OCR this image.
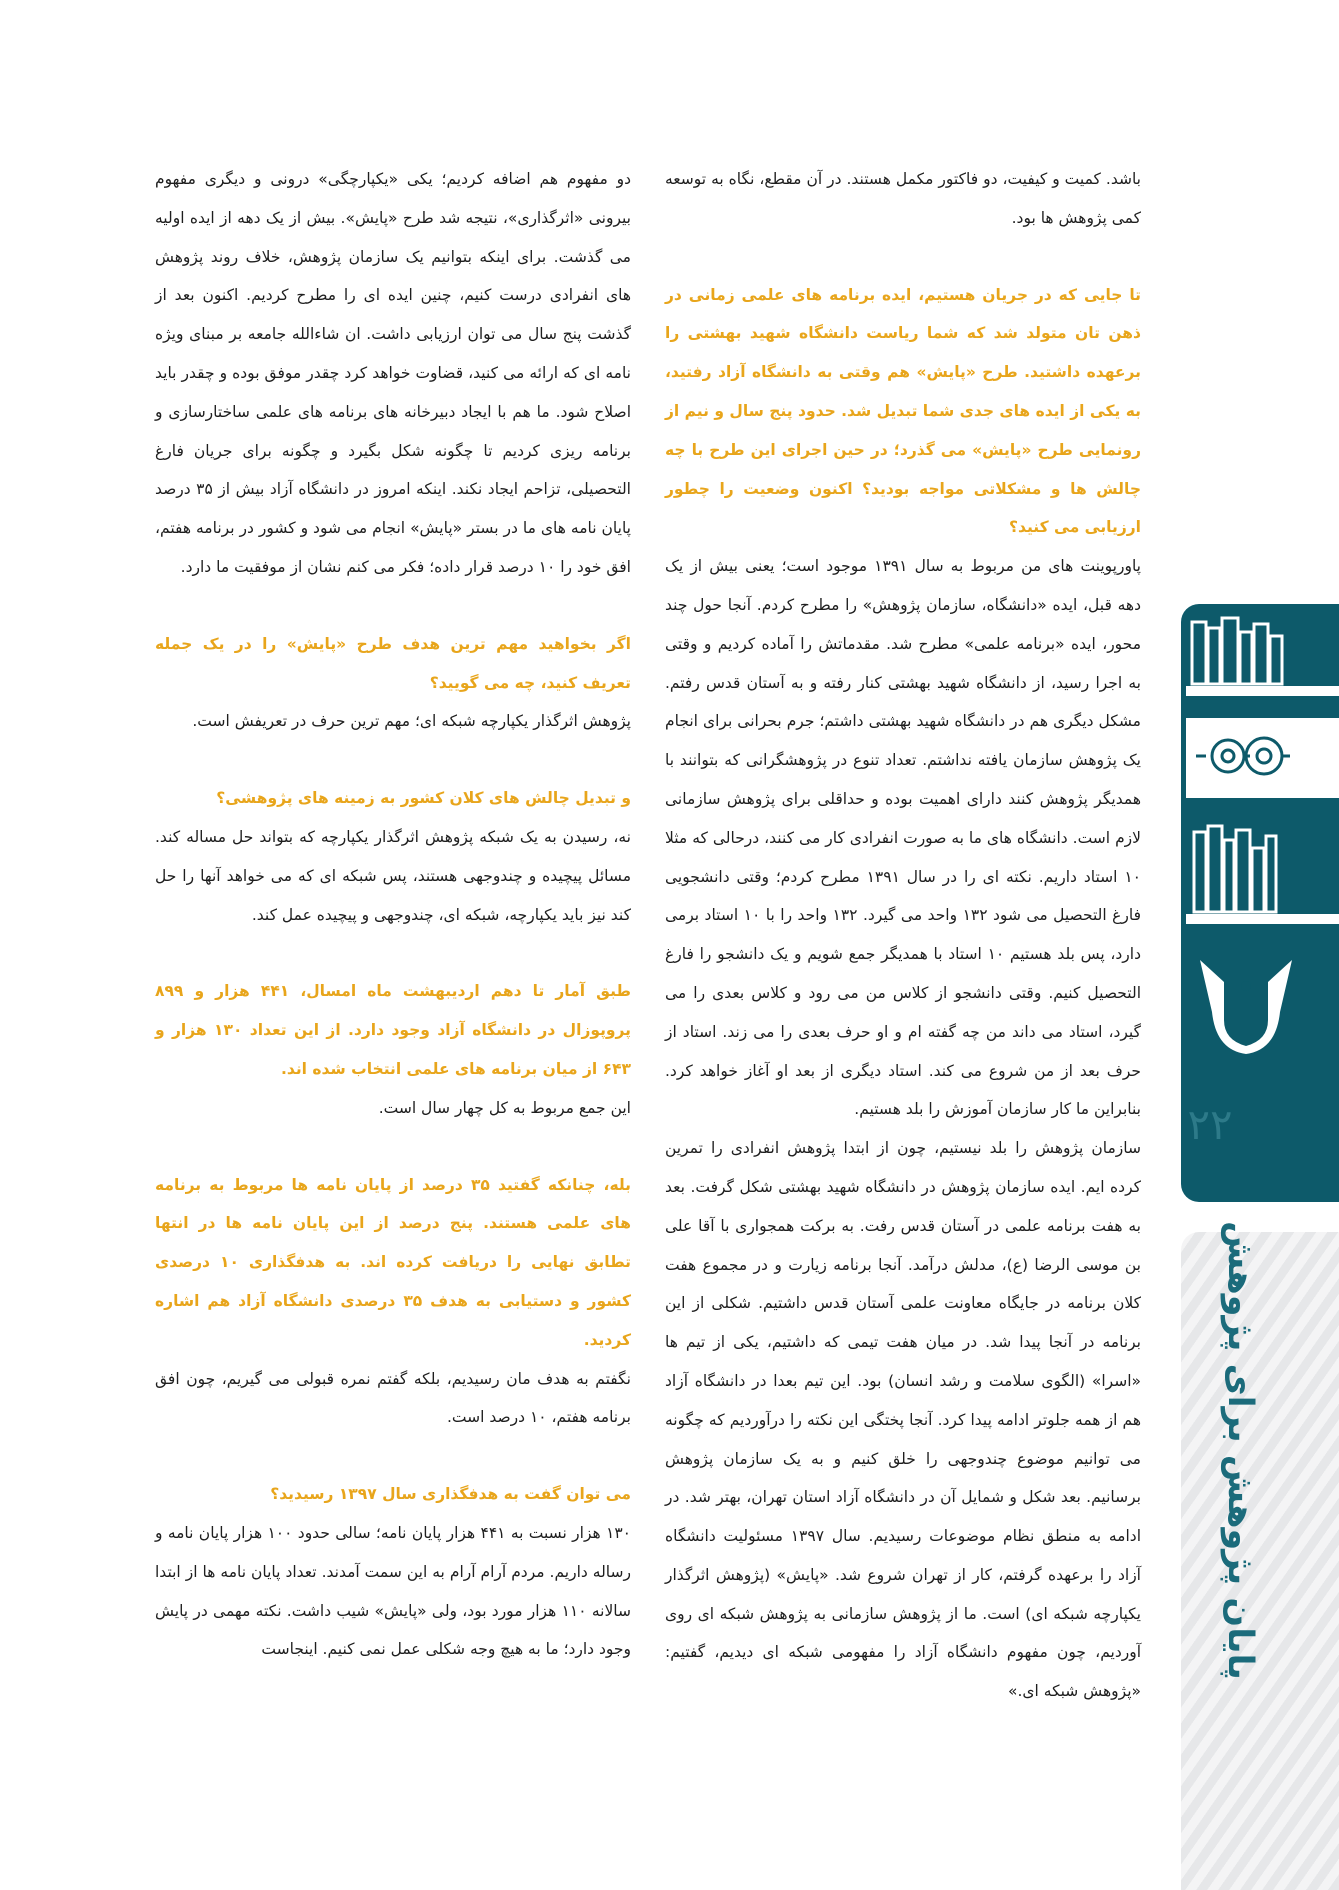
باشد. کمیت و کیفیت، دو فاکتور مکمل هستند. در آن مقطع، نگاه به توسعه کمی پژوهش ها بود.

تا جایی که در جریان هستیم، ایده برنامه های علمی زمانی در ذهن تان متولد شد که شما ریاست دانشگاه شهید بهشتی را برعهده داشتید. طرح «پایش» هم وقتی به دانشگاه آزاد رفتید، به یکی از ایده های جدی شما تبدیل شد. حدود پنج سال و نیم از رونمایی طرح «پایش» می گذرد؛ در حین اجرای این طرح با چه چالش ها و مشکلاتی مواجه بودید؟ اکنون وضعیت را چطور ارزیابی می کنید؟

پاورپوینت های من مربوط به سال ۱۳۹۱ موجود است؛ یعنی بیش از یک دهه قبل، ایده «دانشگاه، سازمان پژوهش» را مطرح کردم. آنجا حول چند محور، ایده «برنامه علمی» مطرح شد. مقدماتش را آماده کردیم و وقتی به اجرا رسید، از دانشگاه شهید بهشتی کنار رفته و به آستان قدس رفتم. مشکل دیگری هم در دانشگاه شهید بهشتی داشتم؛ جرم بحرانی برای انجام یک پژوهش سازمان یافته نداشتم. تعداد تنوع در پژوهشگرانی که بتوانند با همدیگر پژوهش کنند دارای اهمیت بوده و حداقلی برای پژوهش سازمانی لازم است. دانشگاه های ما به صورت انفرادی کار می کنند، درحالی که مثلا ۱۰ استاد داریم. نکته ای را در سال ۱۳۹۱ مطرح کردم؛ وقتی دانشجویی فارغ التحصیل می شود ۱۳۲ واحد می گیرد. ۱۳۲ واحد را با ۱۰ استاد برمی دارد، پس بلد هستیم ۱۰ استاد با همدیگر جمع شویم و یک دانشجو را فارغ التحصیل کنیم. وقتی دانشجو از کلاس من می رود و کلاس بعدی را می گیرد، استاد می داند من چه گفته ام و او حرف بعدی را می زند. استاد از حرف بعد از من شروع می کند. استاد دیگری از بعد او آغاز خواهد کرد. بنابراین ما کار سازمان آموزش را بلد هستیم.

سازمان پژوهش را بلد نیستیم، چون از ابتدا پژوهش انفرادی را تمرین کرده ایم. ایده سازمان پژوهش در دانشگاه شهید بهشتی شکل گرفت. بعد به هفت برنامه علمی در آستان قدس رفت. به برکت همجواری با آقا علی بن موسی الرضا (ع)، مدلش درآمد. آنجا برنامه زیارت و در مجموع هفت کلان برنامه در جایگاه معاونت علمی آستان قدس داشتیم. شکلی از این برنامه در آنجا پیدا شد. در میان هفت تیمی که داشتیم، یکی از تیم ها «اسرا» (الگوی سلامت و رشد انسان) بود. این تیم بعدا در دانشگاه آزاد هم از همه جلوتر ادامه پیدا کرد. آنجا پختگی این نکته را درآوردیم که چگونه می توانیم موضوع چندوجهی را خلق کنیم و به یک سازمان پژوهش برسانیم. بعد شکل و شمایل آن در دانشگاه آزاد استان تهران، بهتر شد. در ادامه به منطق نظام موضوعات رسیدیم. سال ۱۳۹۷ مسئولیت دانشگاه آزاد را برعهده گرفتم، کار از تهران شروع شد. «پایش» (پژوهش اثرگذار یکپارچه شبکه ای) است. ما از پژوهش سازمانی به پژوهش شبکه ای روی آوردیم، چون مفهوم دانشگاه آزاد را مفهومی شبکه ای دیدیم، گفتیم: «پژوهش شبکه ای.»

دو مفهوم هم اضافه کردیم؛ یکی «یکپارچگی» درونی و دیگری مفهوم بیرونی «اثرگذاری»، نتیجه شد طرح «پایش». بیش از یک دهه از ایده اولیه می گذشت. برای اینکه بتوانیم یک سازمان پژوهش، خلاف روند پژوهش های انفرادی درست کنیم، چنین ایده ای را مطرح کردیم. اکنون بعد از گذشت پنج سال می توان ارزیابی داشت. ان شاءالله جامعه بر مبنای ویژه نامه ای که ارائه می کنید، قضاوت خواهد کرد چقدر موفق بوده و چقدر باید اصلاح شود. ما هم با ایجاد دبیرخانه های برنامه های علمی ساختارسازی و برنامه ریزی کردیم تا چگونه شکل بگیرد و چگونه برای جریان فارغ التحصیلی، تزاحم ایجاد نکند. اینکه امروز در دانشگاه آزاد بیش از ۳۵ درصد پایان نامه های ما در بستر «پایش» انجام می شود و کشور در برنامه هفتم، افق خود را ۱۰ درصد قرار داده؛ فکر می کنم نشان از موفقیت ما دارد.

اگر بخواهید مهم ترین هدف طرح «پایش» را در یک جمله تعریف کنید، چه می گویید؟

پژوهش اثرگذار یکپارچه شبکه ای؛ مهم ترین حرف در تعریفش است.

و تبدیل چالش های کلان کشور به زمینه های پژوهشی؟

نه، رسیدن به یک شبکه پژوهش اثرگذار یکپارچه که بتواند حل مساله کند. مسائل پیچیده و چندوجهی هستند، پس شبکه ای که می خواهد آنها را حل کند نیز باید یکپارچه، شبکه ای، چندوجهی و پیچیده عمل کند.

طبق آمار تا دهم اردیبهشت ماه امسال، ۴۴۱ هزار و ۸۹۹ پروپوزال در دانشگاه آزاد وجود دارد. از این تعداد ۱۳۰ هزار و ۶۴۳ از میان برنامه های علمی انتخاب شده اند.

این جمع مربوط به کل چهار سال است.

بله، چنانکه گفتید ۳۵ درصد از پایان نامه ها مربوط به برنامه های علمی هستند. پنج درصد از این پایان نامه ها در انتها تطابق نهایی را دریافت کرده اند. به هدفگذاری ۱۰ درصدی کشور و دستیابی به هدف ۳۵ درصدی دانشگاه آزاد هم اشاره کردید.

نگفتم به هدف مان رسیدیم، بلکه گفتم نمره قبولی می گیریم، چون افق برنامه هفتم، ۱۰ درصد است.

می توان گفت به هدفگذاری سال ۱۳۹۷ رسیدید؟

۱۳۰ هزار نسبت به ۴۴۱ هزار پایان نامه؛ سالی حدود ۱۰۰ هزار پایان نامه و رساله داریم. مردم آرام آرام به این سمت آمدند. تعداد پایان نامه ها از ابتدا سالانه ۱۱۰ هزار مورد بود، ولی «پایش» شیب داشت. نکته مهمی در پایش وجود دارد؛ ما به هیچ وجه شکلی عمل نمی کنیم. اینجاست

۲۲
پایان پژوهش برای پژوهش
